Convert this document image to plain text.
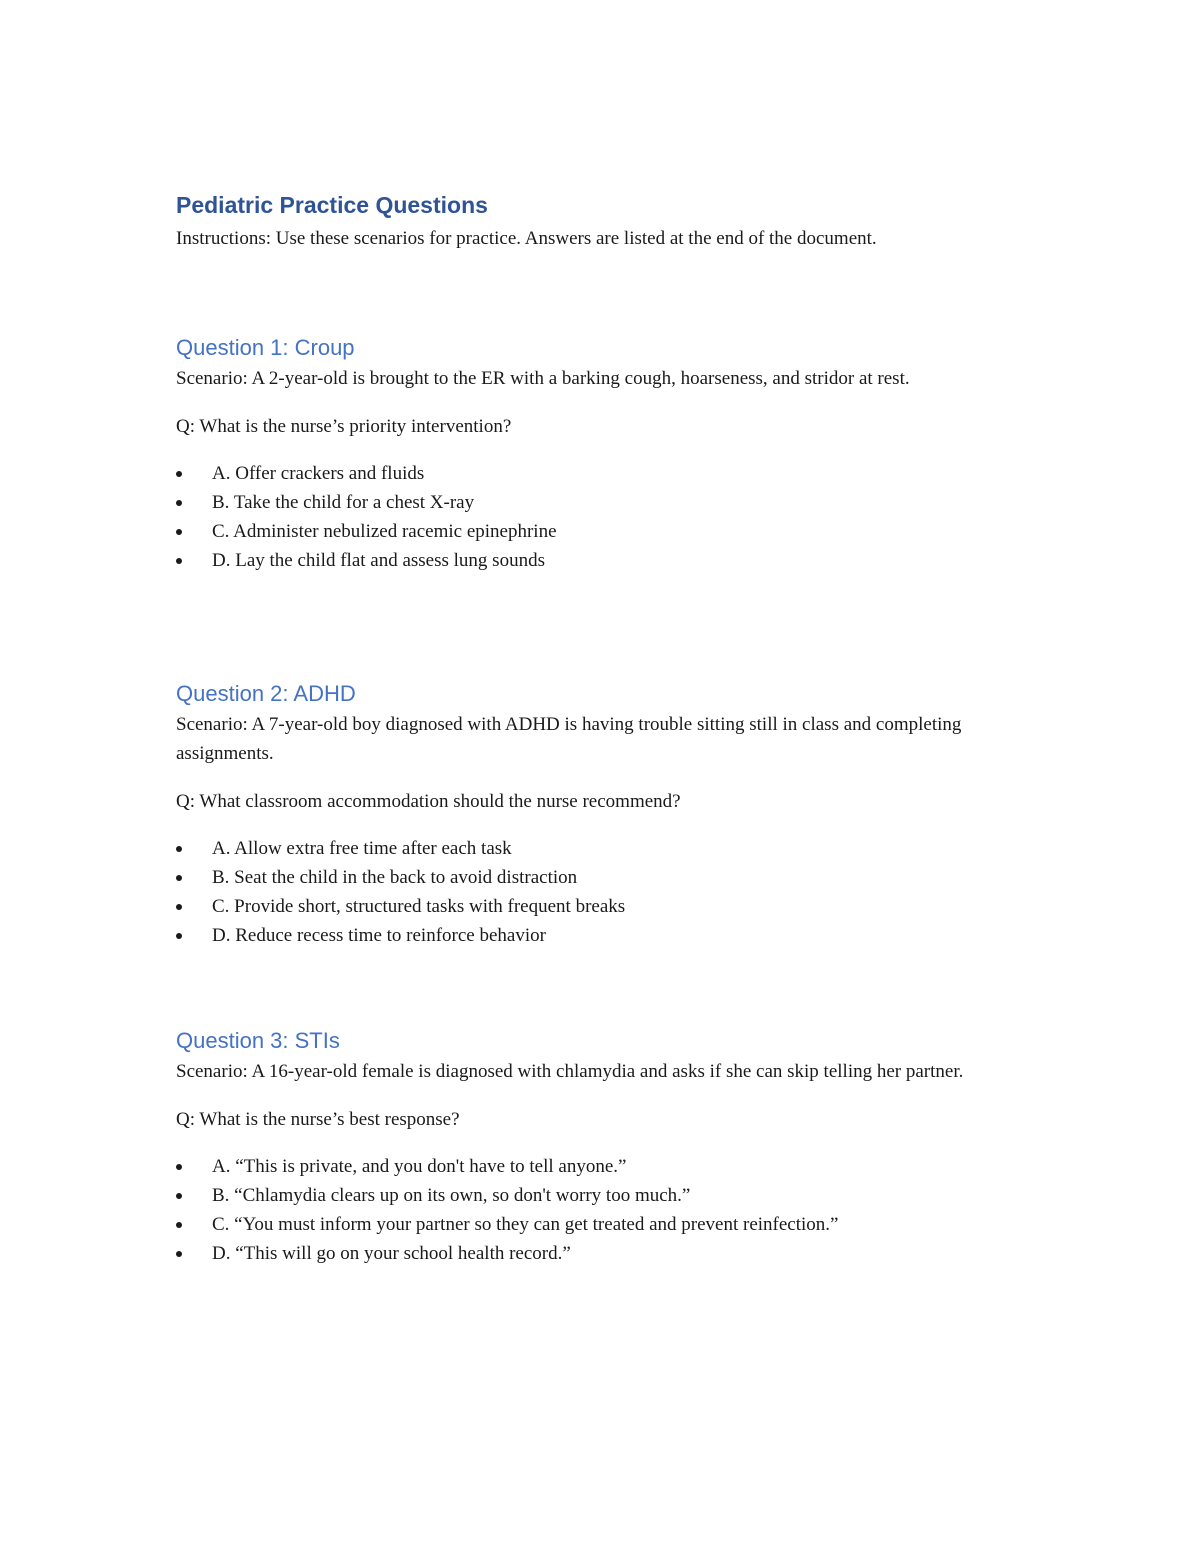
Pediatric Practice Questions

Instructions: Use these scenarios for practice. Answers are listed at the end of the document.

Question 1: Croup

Scenario: A 2-year-old is brought to the ER with a barking cough, hoarseness, and stridor at rest.

Q: What is the nurse’s priority intervention?

A. Offer crackers and fluids
B. Take the child for a chest X-ray
C. Administer nebulized racemic epinephrine
D. Lay the child flat and assess lung sounds
Question 2: ADHD

Scenario: A 7-year-old boy diagnosed with ADHD is having trouble sitting still in class and completing assignments.

Q: What classroom accommodation should the nurse recommend?

A. Allow extra free time after each task
B. Seat the child in the back to avoid distraction
C. Provide short, structured tasks with frequent breaks
D. Reduce recess time to reinforce behavior
Question 3: STIs

Scenario: A 16-year-old female is diagnosed with chlamydia and asks if she can skip telling her partner.

Q: What is the nurse’s best response?

A. “This is private, and you don't have to tell anyone.”
B. “Chlamydia clears up on its own, so don't worry too much.”
C. “You must inform your partner so they can get treated and prevent reinfection.”
D. “This will go on your school health record.”
